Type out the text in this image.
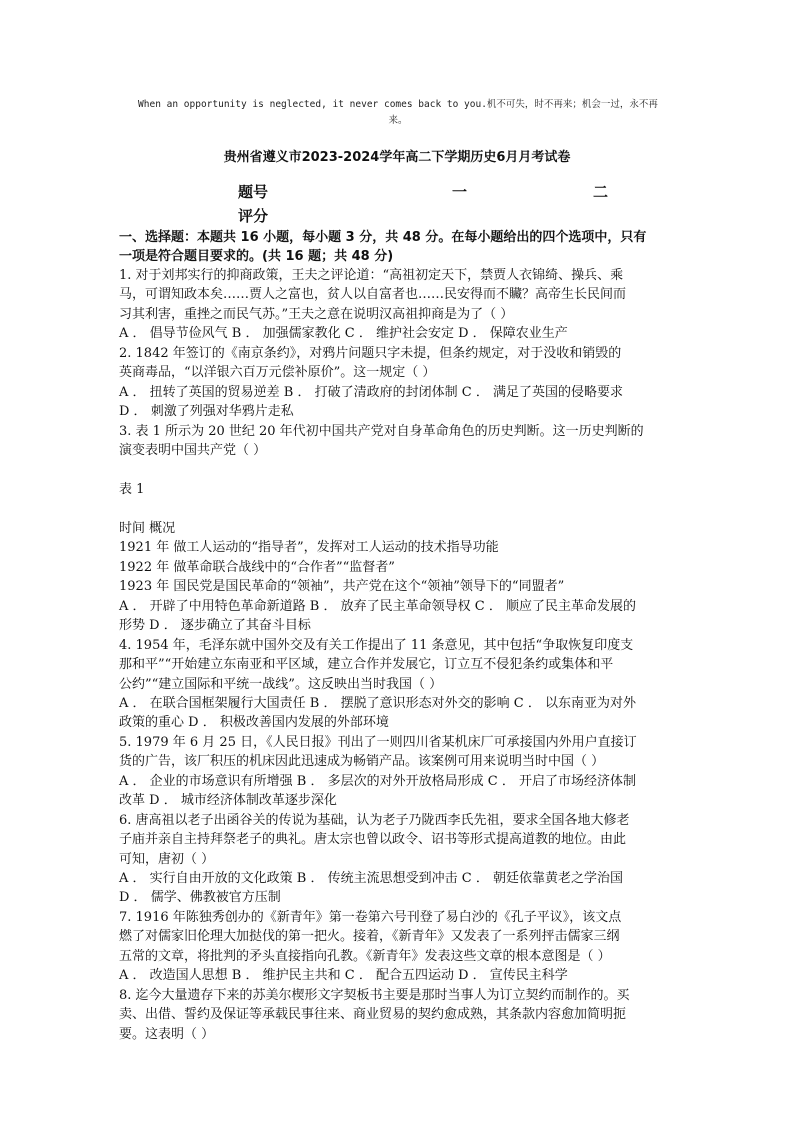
When an opportunity is neglected, it never comes back to you.机不可失，时不再来；机会一过，永不再
来。
贵州省遵义市2023-2024学年高二下学期历史6月月考试卷
题号
评分
一	二
一、选择题：本题共 16 小题，每小题 3 分，共 48 分。在每小题给出的四个选项中，只有
一项是符合题目要求的。(共 16 题；共 48 分)
1. 对于刘邦实行的抑商政策，王夫之评论道：“高祖初定天下，禁贾人衣锦绮、操兵、乘
马，可谓知政本矣……贾人之富也，贫人以自富者也……民安得而不贜？高帝生长民间而
习其利害，重挫之而民气苏。”王夫之意在说明汉高祖抑商是为了（ ）
A ． 倡导节俭风气 B ． 加强儒家教化 C ． 维护社会安定 D ． 保障农业生产
2. 1842 年签订的《南京条约》，对鸦片问题只字未提，但条约规定，对于没收和销毁的
英商毒品，“以洋银六百万元偿补原价”。这一规定（ ）
A ． 扭转了英国的贸易逆差 B ． 打破了清政府的封闭体制 C ． 满足了英国的侵略要求
D ． 刺激了列强对华鸦片走私
3. 表 1 所示为 20 世纪 20 年代初中国共产党对自身革命角色的历史判断。这一历史判断的
演变表明中国共产党（ ）
表 1
时间 概况
1921 年 做工人运动的“指导者”，发挥对工人运动的技术指导功能
1922 年 做革命联合战线中的“合作者”“监督者”
1923 年 国民党是国民革命的“领袖”，共产党在这个“领袖”领导下的“同盟者”
A ． 开辟了中用特色革命新道路 B ． 放弃了民主革命领导权 C ． 顺应了民主革命发展的
形势 D ． 逐步确立了其奋斗目标
4. 1954 年，毛泽东就中国外交及有关工作提出了 11 条意见，其中包括“争取恢复印度支
那和平”“开始建立东南亚和平区域，建立合作并发展它，订立互不侵犯条约或集体和平
公约”“建立国际和平统一战线”。这反映出当时我国（ ）
A ． 在联合国框架履行大国责任 B ． 摆脱了意识形态对外交的影响 C ． 以东南亚为对外
政策的重心 D ． 积极改善国内发展的外部环境
5. 1979 年 6 月 25 日，《人民日报》刊出了一则四川省某机床厂可承接国内外用户直接订
货的广告，该厂积压的机床因此迅速成为畅销产品。该案例可用来说明当时中国（ ）
A ． 企业的市场意识有所增强 B ． 多层次的对外开放格局形成 C ． 开启了市场经济体制
改革 D ． 城市经济体制改革逐步深化
6. 唐高祖以老子出函谷关的传说为基础，认为老子乃陇西李氏先祖，要求全国各地大修老
子庙并亲自主持拜祭老子的典礼。唐太宗也曾以政令、诏书等形式提高道教的地位。由此
可知，唐初（ ）
A ． 实行自由开放的文化政策 B ． 传统主流思想受到冲击 C ． 朝廷依靠黄老之学治国
D ． 儒学、佛教被官方压制
7. 1916 年陈独秀创办的《新青年》第一卷第六号刊登了易白沙的《孔子平议》，该文点
燃了对儒家旧伦理大加挞伐的第一把火。接着，《新青年》又发表了一系列抨击儒家三纲
五常的文章，将批判的矛头直接指向孔教。《新青年》发表这些文章的根本意图是（ ）
A ． 改造国人思想 B ． 维护民主共和 C ． 配合五四运动 D ． 宣传民主科学
8. 迄今大量遗存下来的苏美尔楔形文字契板书主要是那时当事人为订立契约而制作的。买
卖、出借、誓约及保证等承载民事往来、商业贸易的契约愈成熟，其条款内容愈加简明扼
要。这表明（ ）
